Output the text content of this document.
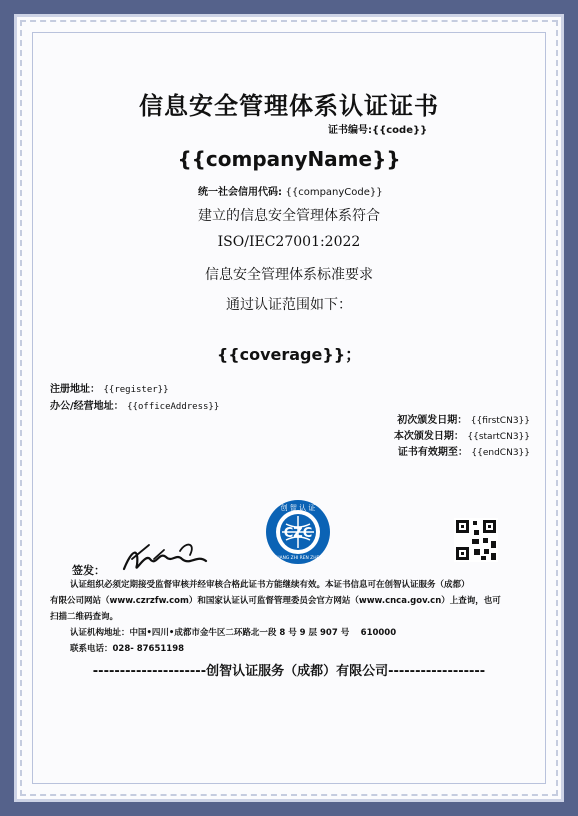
信息安全管理体系认证证书
证书编号:{{code}}
{{companyName}}
统一社会信用代码: {{companyCode}}
建立的信息安全管理体系符合
ISO/IEC27001:2022
信息安全管理体系标准要求
通过认证范围如下：
{{coverage}}；
注册地址： {{register}}
办公/经营地址： {{officeAddress}}
初次颁发日期： {{firstCN3}}
本次颁发日期： {{startCN3}}
证书有效期至： {{endCN3}}
创 智 认 证
CZC
CHUANG ZHI REN ZHENG
签发：

认证组织必须定期接受监督审核并经审核合格此证书方能继续有效。本证书信息可在创智认证服务（成都）

有限公司网站（www.czrzfw.com）和国家认证认可监督管理委员会官方网站（www.cnca.gov.cn）上查询，也可

扫描二维码查询。

认证机构地址：中国•四川•成都市金牛区二环路北一段 8 号 9 层 907 号　 610000
联系电话：028- 87651198
---------------------创智认证服务（成都）有限公司------------------
